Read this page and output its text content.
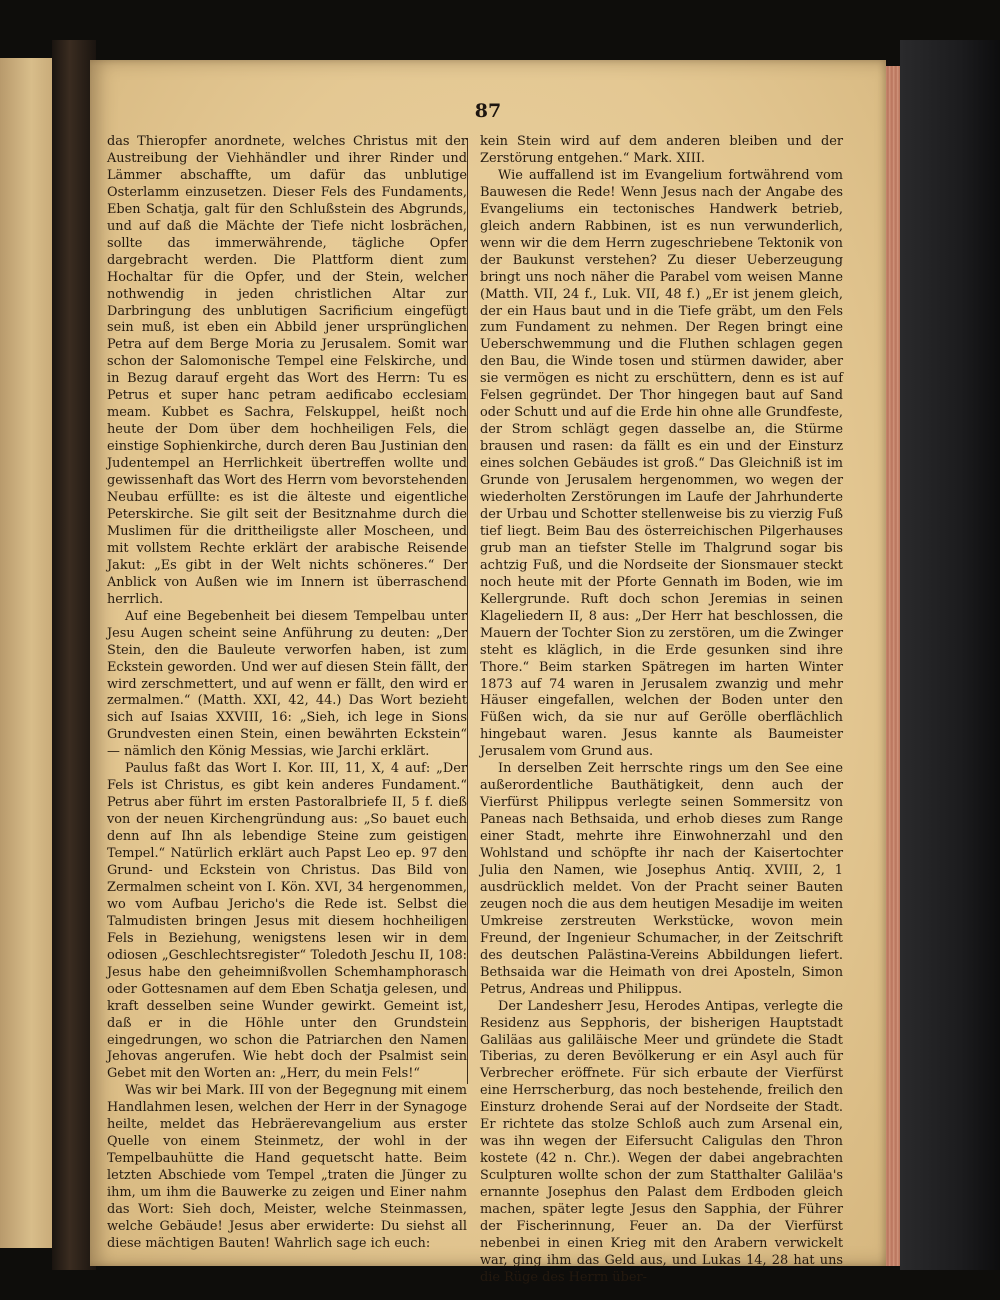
87

das Thieropfer anordnete, welches Christus mit der Austreibung der Viehhändler und ihrer Rinder und Lämmer abschaffte, um dafür das unblutige Osterlamm einzusetzen. Dieser Fels des Fundaments, Eben Schatja, galt für den Schlußstein des Abgrunds, und auf daß die Mächte der Tiefe nicht losbrächen, sollte das immerwährende, tägliche Opfer dargebracht werden. Die Plattform dient zum Hochaltar für die Opfer, und der Stein, welcher nothwendig in jeden christlichen Altar zur Darbringung des unblutigen Sacrificium eingefügt sein muß, ist eben ein Abbild jener ursprünglichen Petra auf dem Berge Moria zu Jerusalem. Somit war schon der Salomonische Tempel eine Felskirche, und in Bezug darauf ergeht das Wort des Herrn: Tu es Petrus et super hanc petram aedificabo ecclesiam meam. Kubbet es Sachra, Felskuppel, heißt noch heute der Dom über dem hochheiligen Fels, die einstige Sophienkirche, durch deren Bau Justinian den Judentempel an Herrlichkeit übertreffen wollte und gewissenhaft das Wort des Herrn vom bevorstehenden Neubau erfüllte: es ist die älteste und eigentliche Peterskirche. Sie gilt seit der Besitznahme durch die Muslimen für die drittheiligste aller Moscheen, und mit vollstem Rechte erklärt der arabische Reisende Jakut: „Es gibt in der Welt nichts schöneres.“ Der Anblick von Außen wie im Innern ist überraschend herrlich.

Auf eine Begebenheit bei diesem Tempelbau unter Jesu Augen scheint seine Anführung zu deuten: „Der Stein, den die Bauleute verworfen haben, ist zum Eckstein geworden. Und wer auf diesen Stein fällt, der wird zerschmettert, und auf wenn er fällt, den wird er zermalmen.“ (Matth. XXI, 42, 44.) Das Wort bezieht sich auf Isaias XXVIII, 16: „Sieh, ich lege in Sions Grundvesten einen Stein, einen bewährten Eckstein“ — nämlich den König Messias, wie Jarchi erklärt.

Paulus faßt das Wort I. Kor. III, 11, X, 4 auf: „Der Fels ist Christus, es gibt kein anderes Fundament.“ Petrus aber führt im ersten Pastoralbriefe II, 5 f. dieß von der neuen Kirchengründung aus: „So bauet euch denn auf Ihn als lebendige Steine zum geistigen Tempel.“ Natürlich erklärt auch Papst Leo ep. 97 den Grund- und Eckstein von Christus. Das Bild von Zermalmen scheint von I. Kön. XVI, 34 hergenommen, wo vom Aufbau Jericho's die Rede ist. Selbst die Talmudisten bringen Jesus mit diesem hochheiligen Fels in Beziehung, wenigstens lesen wir in dem odiosen „Geschlechtsregister“ Toledoth Jeschu II, 108: Jesus habe den geheimnißvollen Schemhamphorasch oder Gottesnamen auf dem Eben Schatja gelesen, und kraft desselben seine Wunder gewirkt. Gemeint ist, daß er in die Höhle unter den Grundstein eingedrungen, wo schon die Patriarchen den Namen Jehovas angerufen. Wie hebt doch der Psalmist sein Gebet mit den Worten an: „Herr, du mein Fels!“

Was wir bei Mark. III von der Begegnung mit einem Handlahmen lesen, welchen der Herr in der Synagoge heilte, meldet das Hebräerevangelium aus erster Quelle von einem Steinmetz, der wohl in der Tempelbauhütte die Hand gequetscht hatte. Beim letzten Abschiede vom Tempel „traten die Jünger zu ihm, um ihm die Bauwerke zu zeigen und Einer nahm das Wort: Sieh doch, Meister, welche Steinmassen, welche Gebäude! Jesus aber erwiderte: Du siehst all diese mächtigen Bauten! Wahrlich sage ich euch:

kein Stein wird auf dem anderen bleiben und der Zerstörung entgehen.“ Mark. XIII.

Wie auffallend ist im Evangelium fortwährend vom Bauwesen die Rede! Wenn Jesus nach der Angabe des Evangeliums ein tectonisches Handwerk betrieb, gleich andern Rabbinen, ist es nun verwunderlich, wenn wir die dem Herrn zugeschriebene Tektonik von der Baukunst verstehen? Zu dieser Ueberzeugung bringt uns noch näher die Parabel vom weisen Manne (Matth. VII, 24 f., Luk. VII, 48 f.) „Er ist jenem gleich, der ein Haus baut und in die Tiefe gräbt, um den Fels zum Fundament zu nehmen. Der Regen bringt eine Ueberschwemmung und die Fluthen schlagen gegen den Bau, die Winde tosen und stürmen dawider, aber sie vermögen es nicht zu erschüttern, denn es ist auf Felsen gegründet. Der Thor hingegen baut auf Sand oder Schutt und auf die Erde hin ohne alle Grundfeste, der Strom schlägt gegen dasselbe an, die Stürme brausen und rasen: da fällt es ein und der Einsturz eines solchen Gebäudes ist groß.“ Das Gleichniß ist im Grunde von Jerusalem hergenommen, wo wegen der wiederholten Zerstörungen im Laufe der Jahrhunderte der Urbau und Schotter stellenweise bis zu vierzig Fuß tief liegt. Beim Bau des österreichischen Pilgerhauses grub man an tiefster Stelle im Thalgrund sogar bis achtzig Fuß, und die Nordseite der Sionsmauer steckt noch heute mit der Pforte Gennath im Boden, wie im Kellergrunde. Ruft doch schon Jeremias in seinen Klageliedern II, 8 aus: „Der Herr hat beschlossen, die Mauern der Tochter Sion zu zerstören, um die Zwinger steht es kläglich, in die Erde gesunken sind ihre Thore.“ Beim starken Spätregen im harten Winter 1873 auf 74 waren in Jerusalem zwanzig und mehr Häuser eingefallen, welchen der Boden unter den Füßen wich, da sie nur auf Gerölle oberflächlich hingebaut waren. Jesus kannte als Baumeister Jerusalem vom Grund aus.

In derselben Zeit herrschte rings um den See eine außerordentliche Bauthätigkeit, denn auch der Vierfürst Philippus verlegte seinen Sommersitz von Paneas nach Bethsaida, und erhob dieses zum Range einer Stadt, mehrte ihre Einwohnerzahl und den Wohlstand und schöpfte ihr nach der Kaisertochter Julia den Namen, wie Josephus Antiq. XVIII, 2, 1 ausdrücklich meldet. Von der Pracht seiner Bauten zeugen noch die aus dem heutigen Mesadije im weiten Umkreise zerstreuten Werkstücke, wovon mein Freund, der Ingenieur Schumacher, in der Zeitschrift des deutschen Palästina-Vereins Abbildungen liefert. Bethsaida war die Heimath von drei Aposteln, Simon Petrus, Andreas und Philippus.

Der Landesherr Jesu, Herodes Antipas, verlegte die Residenz aus Sepphoris, der bisherigen Hauptstadt Galiläas aus galiläische Meer und gründete die Stadt Tiberias, zu deren Bevölkerung er ein Asyl auch für Verbrecher eröffnete. Für sich erbaute der Vierfürst eine Herrscherburg, das noch bestehende, freilich den Einsturz drohende Serai auf der Nordseite der Stadt. Er richtete das stolze Schloß auch zum Arsenal ein, was ihn wegen der Eifersucht Caligulas den Thron kostete (42 n. Chr.). Wegen der dabei angebrachten Sculpturen wollte schon der zum Statthalter Galiläa's ernannte Josephus den Palast dem Erdboden gleich machen, später legte Jesus den Sapphia, der Führer der Fischerinnung, Feuer an. Da der Vierfürst nebenbei in einen Krieg mit den Arabern verwickelt war, ging ihm das Geld aus, und Lukas 14, 28 hat uns die Rüge des Herrn über-
